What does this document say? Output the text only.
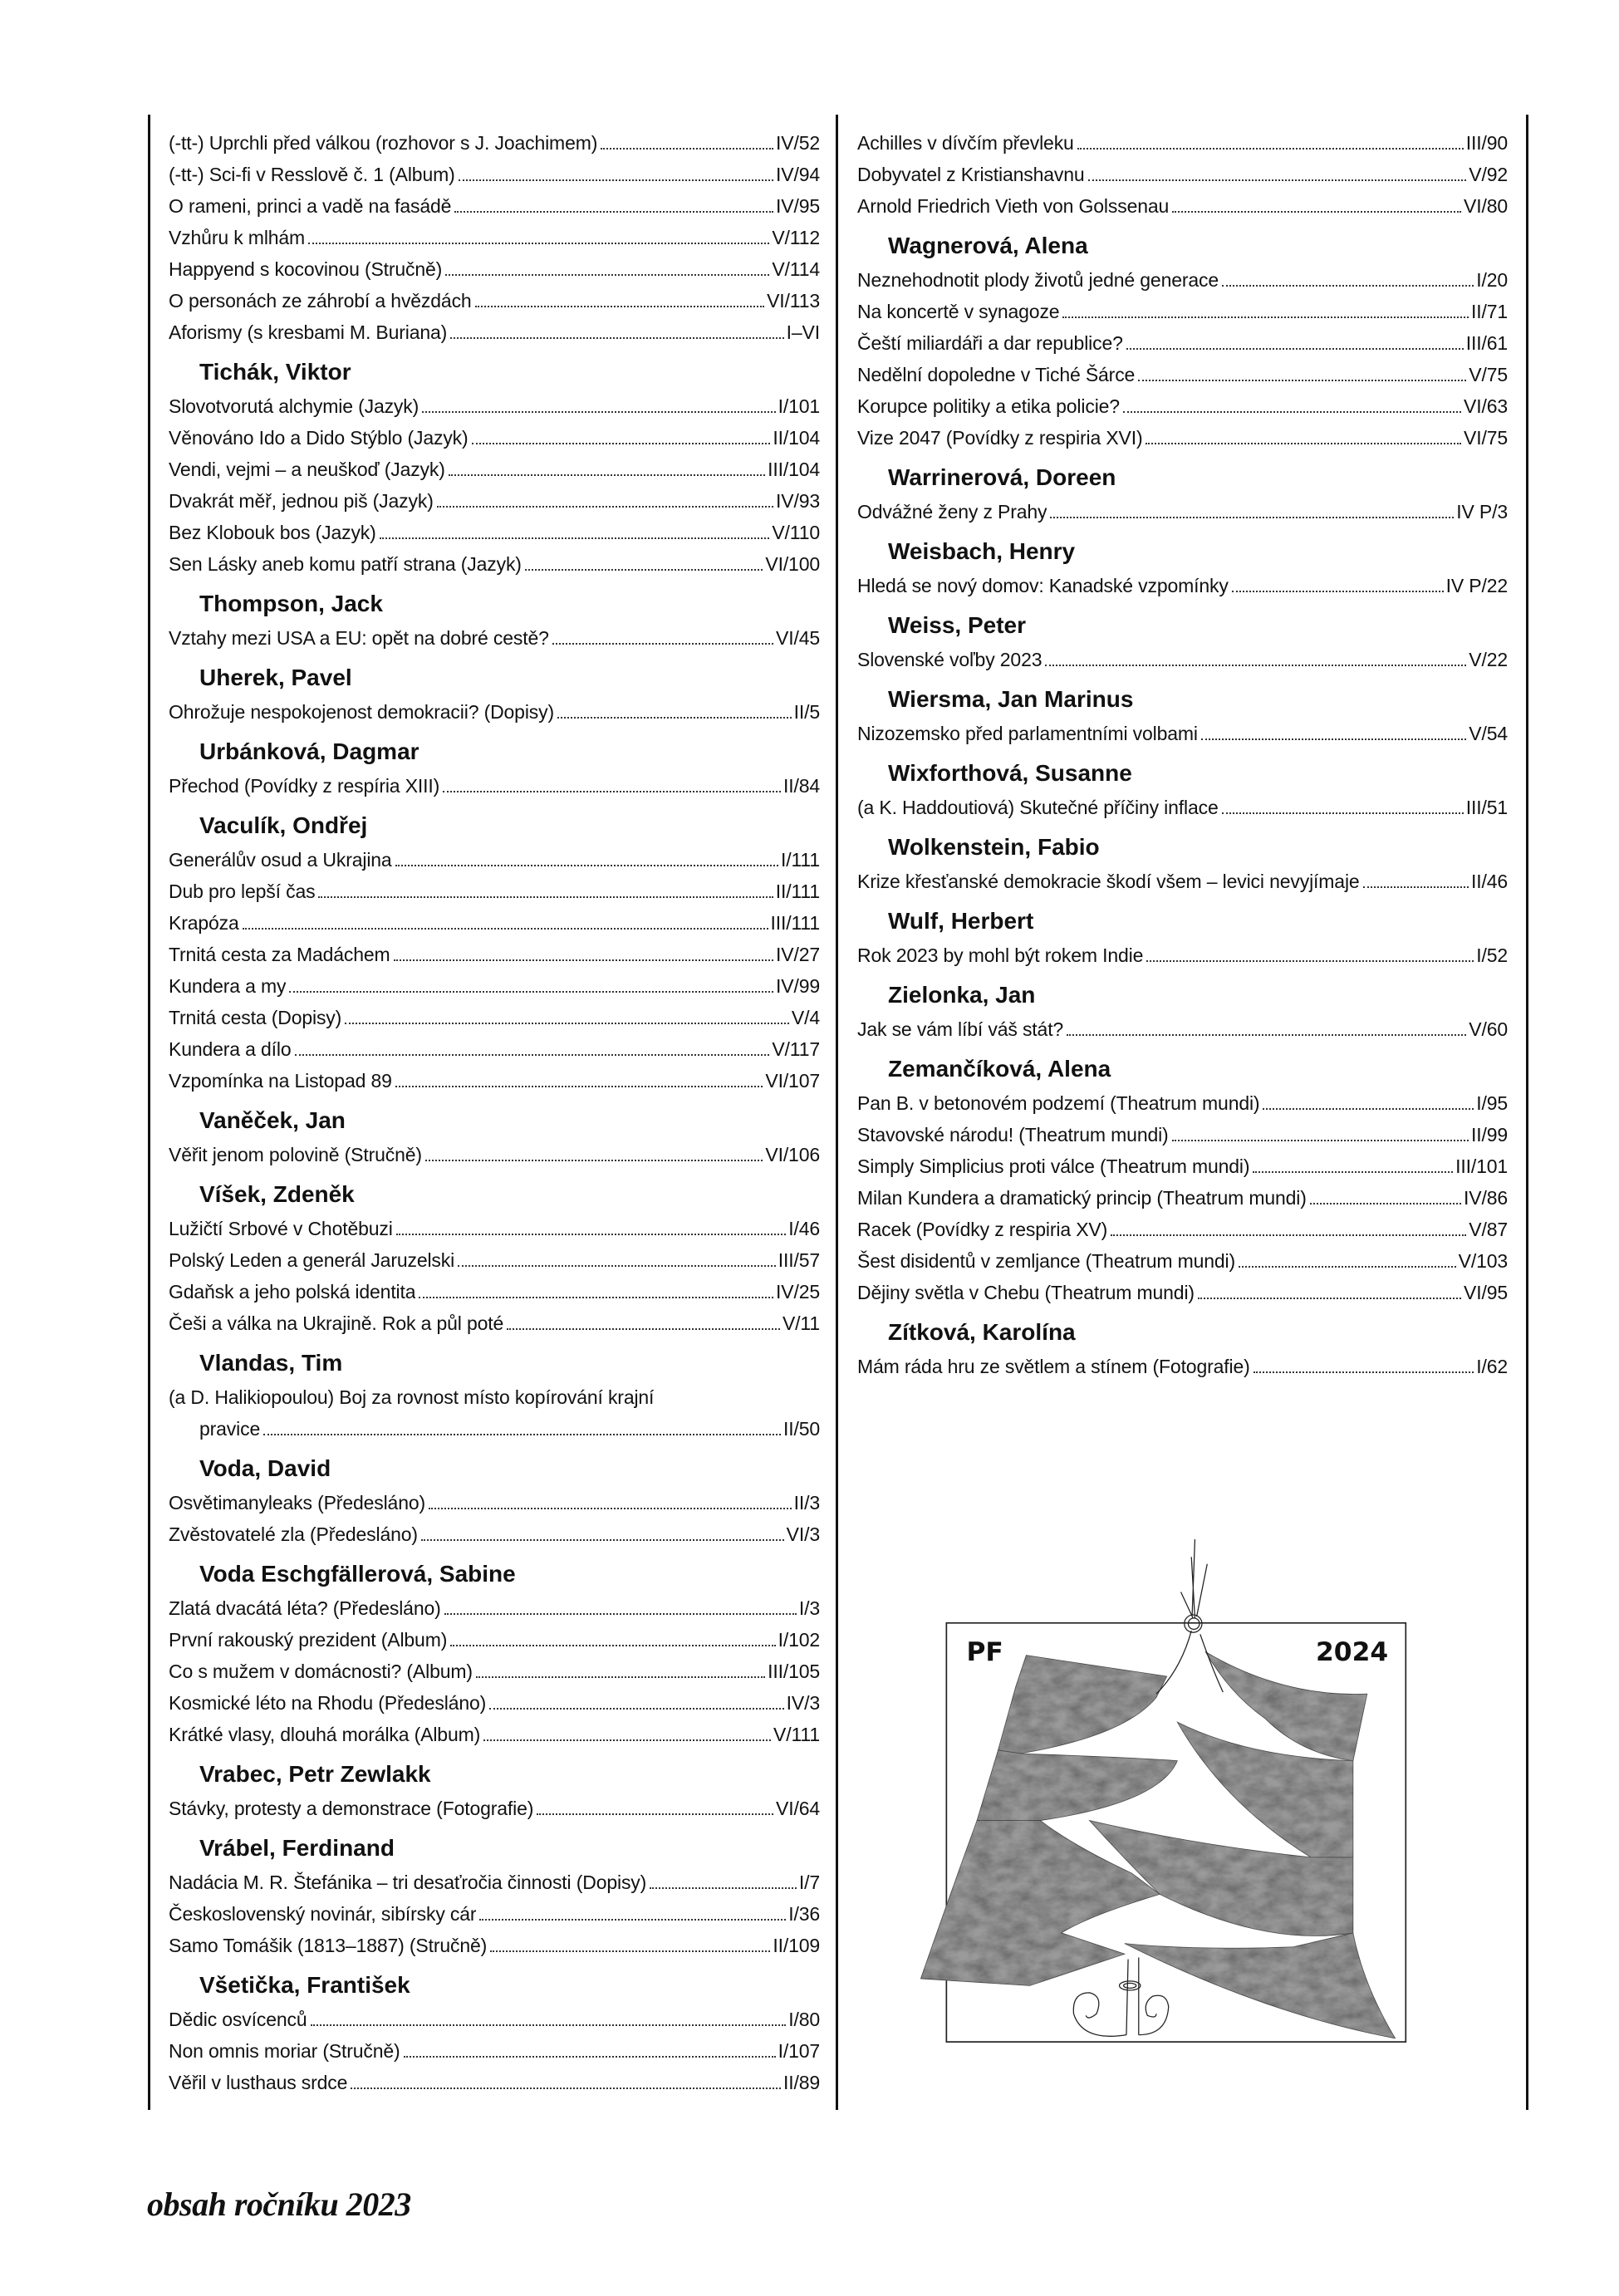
(-tt-) Uprchli před válkou (rozhovor s J. Joachimem)	IV/52
(-tt-) Sci-fi v Resslově č. 1 (Album)	IV/94
O rameni, princi a vadě na fasádě	IV/95
Vzhůru k mlhám	V/112
Happyend s kocovinou (Stručně)	V/114
O personách ze záhrobí a hvězdách	VI/113
Aforismy (s kresbami M. Buriana)	I–VI
Tichák, Viktor
Slovotvorutá alchymie (Jazyk)	I/101
Věnováno Ido a Dido Stýblo (Jazyk)	II/104
Vendi, vejmi – a neuškoď (Jazyk)	III/104
Dvakrát měř, jednou piš (Jazyk)	IV/93
Bez Klobouk bos (Jazyk)	V/110
Sen Lásky aneb komu patří strana (Jazyk)	VI/100
Thompson, Jack
Vztahy mezi USA a EU: opět na dobré cestě?	VI/45
Uherek, Pavel
Ohrožuje nespokojenost demokracii? (Dopisy)	II/5
Urbánková, Dagmar
Přechod (Povídky z respíria XIII)	II/84
Vaculík, Ondřej
Generálův osud a Ukrajina	I/111
Dub pro lepší čas	II/111
Krapóza	III/111
Trnitá cesta za Madáchem	IV/27
Kundera a my	IV/99
Trnitá cesta (Dopisy)	V/4
Kundera a dílo	V/117
Vzpomínka na Listopad 89	VI/107
Vaněček, Jan
Věřit jenom polovině (Stručně)	VI/106
Víšek, Zdeněk
Lužičtí Srbové v Chotěbuzi	I/46
Polský Leden a generál Jaruzelski	III/57
Gdaňsk a jeho polská identita	IV/25
Češi a válka na Ukrajině. Rok a půl poté	V/11
Vlandas, Tim
(a D. Halikiopoulou) Boj za rovnost místo kopírování krajní
pravice	II/50
Voda, David
Osvětimanyleaks (Předesláno)	II/3
Zvěstovatelé zla (Předesláno)	VI/3
Voda Eschgfällerová, Sabine
Zlatá dvacátá léta? (Předesláno)	I/3
První rakouský prezident (Album)	I/102
Co s mužem v domácnosti? (Album)	III/105
Kosmické léto na Rhodu (Předesláno)	IV/3
Krátké vlasy, dlouhá morálka (Album)	V/111
Vrabec, Petr Zewlakk
Stávky, protesty a demonstrace (Fotografie)	VI/64
Vrábel, Ferdinand
Nadácia M. R. Štefánika – tri desaťročia činnosti (Dopisy)	I/7
Československý novinár, sibírsky cár	I/36
Samo Tomášik (1813–1887) (Stručně)	II/109
Všetička, František
Dědic osvícenců	I/80
Non omnis moriar (Stručně)	I/107
Věřil v lusthaus srdce	II/89
Achilles v dívčím převleku	III/90
Dobyvatel z Kristianshavnu	V/92
Arnold Friedrich Vieth von Golssenau	VI/80
Wagnerová, Alena
Neznehodnotit plody životů jedné generace	I/20
Na koncertě v synagoze	II/71
Čeští miliardáři a dar republice?	III/61
Nedělní dopoledne v Tiché Šárce	V/75
Korupce politiky a etika policie?	VI/63
Vize 2047 (Povídky z respiria XVI)	VI/75
Warrinerová, Doreen
Odvážné ženy z Prahy	IV P/3
Weisbach, Henry
Hledá se nový domov: Kanadské vzpomínky	IV P/22
Weiss, Peter
Slovenské voľby 2023	V/22
Wiersma, Jan Marinus
Nizozemsko před parlamentními volbami	V/54
Wixforthová, Susanne
(a K. Haddoutiová) Skutečné příčiny inflace	III/51
Wolkenstein, Fabio
Krize křesťanské demokracie škodí všem – levici nevyjímaje	II/46
Wulf, Herbert
Rok 2023 by mohl být rokem Indie	I/52
Zielonka, Jan
Jak se vám líbí váš stát?	V/60
Zemančíková, Alena
Pan B. v betonovém podzemí (Theatrum mundi)	I/95
Stavovské národu! (Theatrum mundi)	II/99
Simply Simplicius proti válce (Theatrum mundi)	III/101
Milan Kundera a dramatický princip (Theatrum mundi)	IV/86
Racek (Povídky z respiria XV)	V/87
Šest disidentů v zemljance (Theatrum mundi)	V/103
Dějiny světla v Chebu (Theatrum mundi)	VI/95
Zítková, Karolína
Mám ráda hru ze světlem a stínem (Fotografie)	I/62
PF	2024
obsah ročníku 2023
